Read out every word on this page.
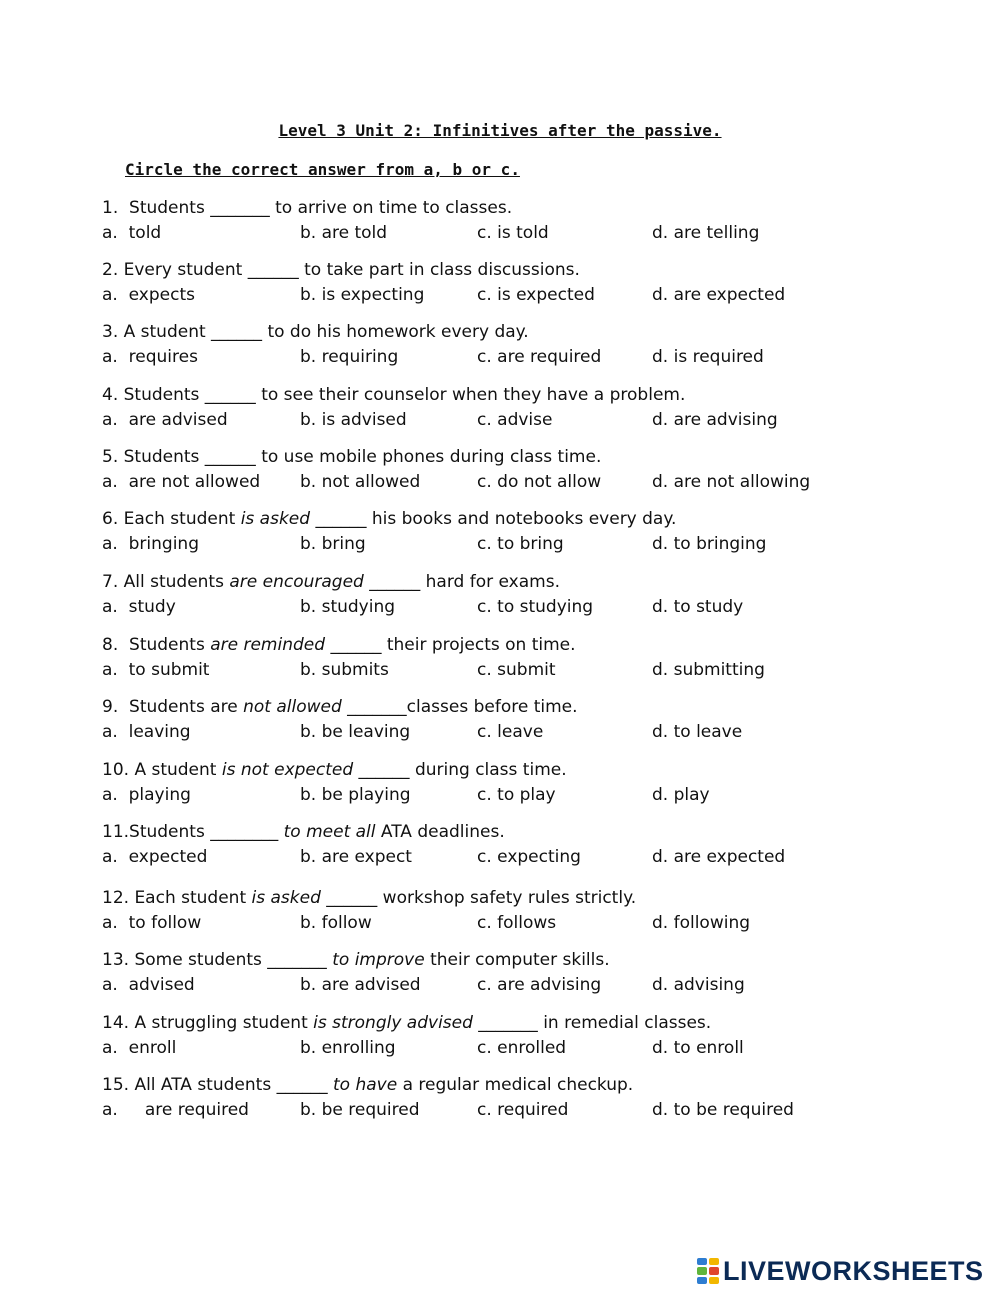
Level 3 Unit 2: Infinitives after the passive.
Circle the correct answer from a, b or c.
1.  Students _______ to arrive on time to classes.
a.  told	b. are told	c. is told	d. are telling
2. Every student ______ to take part in class discussions.
a.  expects	b. is expecting	c. is expected	d. are expected
3. A student ______ to do his homework every day.
a.  requires	b. requiring	c. are required	d. is required
4. Students ______ to see their counselor when they have a problem.
a.  are advised	b. is advised	c. advise	d. are advising
5. Students ______ to use mobile phones during class time.
a.  are not allowed b. not allowed	c. do not allow	d. are not allowing
6. Each student is asked ______ his books and notebooks every day.
a.  bringing	b. bring	c. to bring	d. to bringing
7. All students are encouraged ______ hard for exams.
a.  study	b. studying	c. to studying	d. to study
8.  Students are reminded ______ their projects on time.
a.  to submit	b. submits	c. submit	d. submitting
9.  Students are not allowed _______classes before time.
a.  leaving	b. be leaving	c. leave	d. to leave
10. A student is not expected ______ during class time.
a.  playing	b. be playing	c. to play	d. play
11.Students ________ to meet all ATA deadlines.
a.  expected	b. are expect	c. expecting	d. are expected
12. Each student is asked ______ workshop safety rules strictly.
a.  to follow	b. follow	c. follows	d. following
13. Some students _______ to improve their computer skills.
a.  advised	b. are advised	c. are advising	d. advising
14. A struggling student is strongly advised _______ in remedial classes.
a.  enroll	b. enrolling	c. enrolled	d. to enroll
15. All ATA students ______ to have a regular medical checkup.
a.     are required	b. be required	c. required	d. to be required
LIVEWORKSHEETS
